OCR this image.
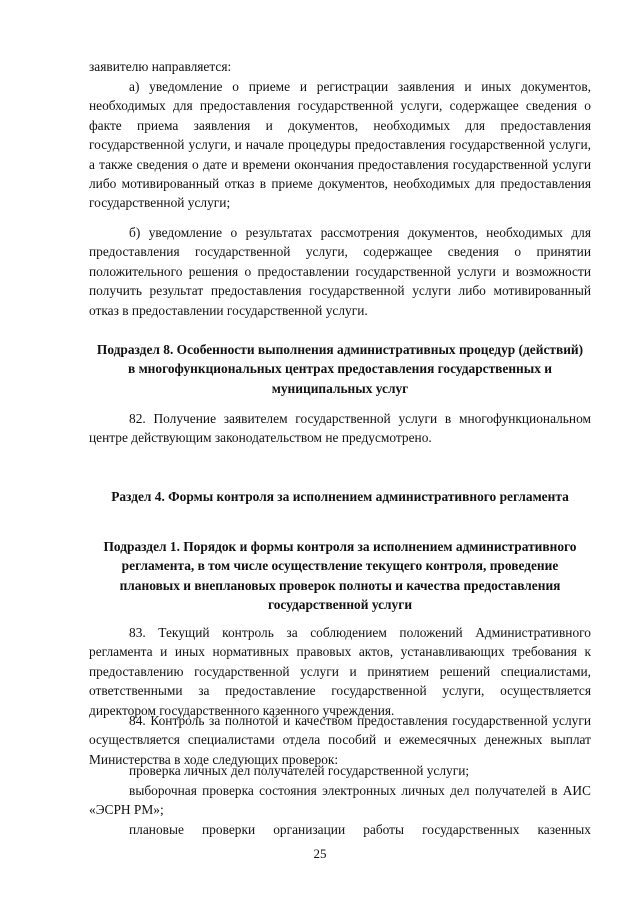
заявителю направляется:

а) уведомление о приеме и регистрации заявления и иных документов, необходимых для предоставления государственной услуги, содержащее сведения о факте приема заявления и документов, необходимых для предоставления государственной услуги, и начале процедуры предоставления государственной услуги, а также сведения о дате и времени окончания предоставления государственной услуги либо мотивированный отказ в приеме документов, необходимых для предоставления государственной услуги;

б) уведомление о результатах рассмотрения документов, необходимых для предоставления государственной услуги, содержащее сведения о принятии положительного решения о предоставлении государственной услуги и возможности получить результат предоставления государственной услуги либо мотивированный отказ в предоставлении государственной услуги.

Подраздел 8. Особенности выполнения административных процедур (действий) в многофункциональных центрах предоставления государственных и муниципальных услуг

82. Получение заявителем государственной услуги в многофункциональном центре действующим законодательством не предусмотрено.

Раздел 4. Формы контроля за исполнением административного регламента

Подраздел 1. Порядок и формы контроля за исполнением административного регламента, в том числе осуществление текущего контроля, проведение плановых и внеплановых проверок полноты и качества предоставления государственной услуги

83. Текущий контроль за соблюдением положений Административного регламента и иных нормативных правовых актов, устанавливающих требования к предоставлению государственной услуги и принятием решений специалистами, ответственными за предоставление государственной услуги, осуществляется директором государственного казенного учреждения.

84. Контроль за полнотой и качеством предоставления государственной услуги осуществляется специалистами отдела пособий и ежемесячных денежных выплат Министерства в ходе следующих проверок:

проверка личных дел получателей государственной услуги;

выборочная проверка состояния электронных личных дел получателей в АИС «ЭСРН РМ»;

плановые проверки организации работы государственных казенных

25
